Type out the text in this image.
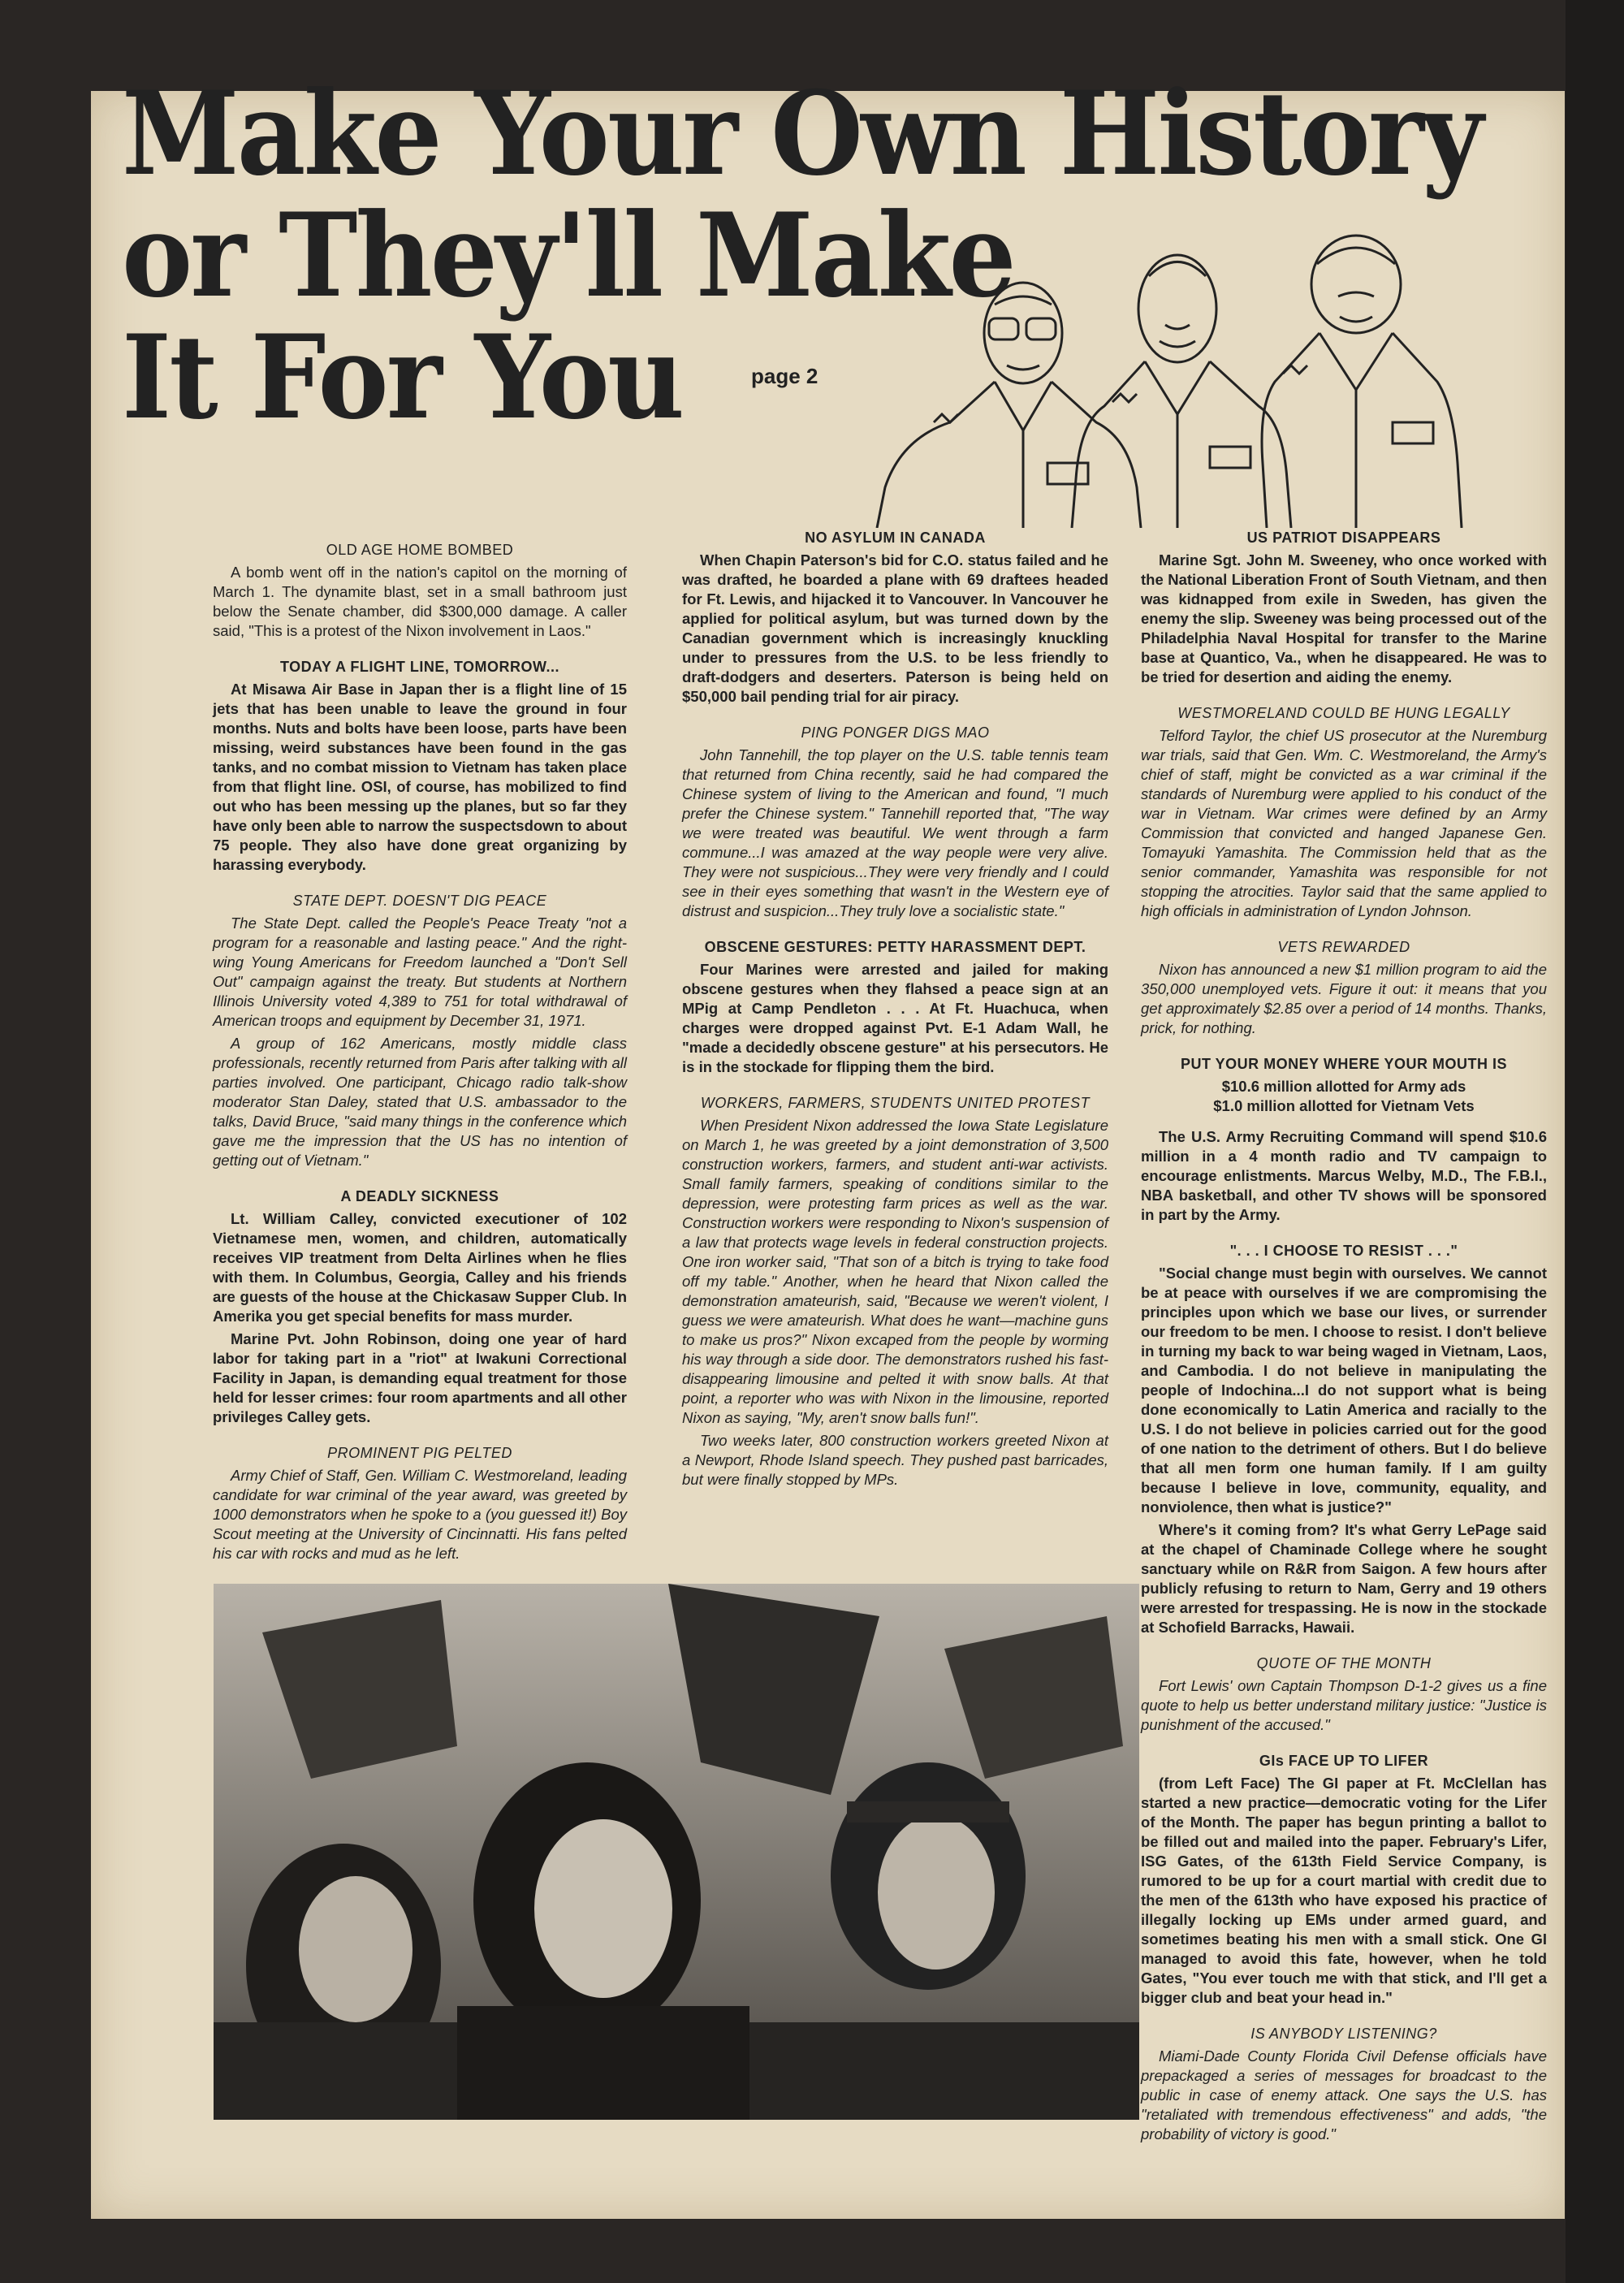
Make Your Own History
or They'll Make
It For You	page 2
OLD AGE HOME BOMBED

A bomb went off in the nation's capitol on the morning of March 1. The dynamite blast, set in a small bathroom just below the Senate chamber, did $300,000 damage. A caller said, "This is a protest of the Nixon involvement in Laos."

TODAY A FLIGHT LINE, TOMORROW...

At Misawa Air Base in Japan ther is a flight line of 15 jets that has been unable to leave the ground in four months. Nuts and bolts have been loose, parts have been missing, weird substances have been found in the gas tanks, and no combat mission to Vietnam has taken place from that flight line. OSI, of course, has mobilized to find out who has been messing up the planes, but so far they have only been able to narrow the suspectsdown to about 75 people. They also have done great organizing by harassing everybody.

STATE DEPT. DOESN'T DIG PEACE

The State Dept. called the People's Peace Treaty "not a program for a reasonable and lasting peace." And the right-wing Young Americans for Freedom launched a "Don't Sell Out" campaign against the treaty. But students at Northern Illinois University voted 4,389 to 751 for total withdrawal of American troops and equipment by December 31, 1971.

A group of 162 Americans, mostly middle class professionals, recently returned from Paris after talking with all parties involved. One participant, Chicago radio talk-show moderator Stan Daley, stated that U.S. ambassador to the talks, David Bruce, "said many things in the conference which gave me the impression that the US has no intention of getting out of Vietnam."

A DEADLY SICKNESS

Lt. William Calley, convicted executioner of 102 Vietnamese men, women, and children, automatically receives VIP treatment from Delta Airlines when he flies with them. In Columbus, Georgia, Calley and his friends are guests of the house at the Chickasaw Supper Club. In Amerika you get special benefits for mass murder.

Marine Pvt. John Robinson, doing one year of hard labor for taking part in a "riot" at Iwakuni Correctional Facility in Japan, is demanding equal treatment for those held for lesser crimes: four room apartments and all other privileges Calley gets.

PROMINENT PIG PELTED

Army Chief of Staff, Gen. William C. Westmoreland, leading candidate for war criminal of the year award, was greeted by 1000 demonstrators when he spoke to a (you guessed it!) Boy Scout meeting at the University of Cincinnatti. His fans pelted his car with rocks and mud as he left.

NO ASYLUM IN CANADA

When Chapin Paterson's bid for C.O. status failed and he was drafted, he boarded a plane with 69 draftees headed for Ft. Lewis, and hijacked it to Vancouver. In Vancouver he applied for political asylum, but was turned down by the Canadian government which is increasingly knuckling under to pressures from the U.S. to be less friendly to draft-dodgers and deserters. Paterson is being held on $50,000 bail pending trial for air piracy.

PING PONGER DIGS MAO

John Tannehill, the top player on the U.S. table tennis team that returned from China recently, said he had compared the Chinese system of living to the American and found, "I much prefer the Chinese system." Tannehill reported that, "The way we were treated was beautiful. We went through a farm commune...I was amazed at the way people were very alive. They were not suspicious...They were very friendly and I could see in their eyes something that wasn't in the Western eye of distrust and suspicion...They truly love a socialistic state."

OBSCENE GESTURES: PETTY HARASSMENT DEPT.

Four Marines were arrested and jailed for making obscene gestures when they flahsed a peace sign at an MPig at Camp Pendleton . . . At Ft. Huachuca, when charges were dropped against Pvt. E-1 Adam Wall, he "made a decidedly obscene gesture" at his persecutors. He is in the stockade for flipping them the bird.

WORKERS, FARMERS, STUDENTS UNITED PROTEST

When President Nixon addressed the Iowa State Legislature on March 1, he was greeted by a joint demonstration of 3,500 construction workers, farmers, and student anti-war activists. Small family farmers, speaking of conditions similar to the depression, were protesting farm prices as well as the war. Construction workers were responding to Nixon's suspension of a law that protects wage levels in federal construction projects. One iron worker said, "That son of a bitch is trying to take food off my table." Another, when he heard that Nixon called the demonstration amateurish, said, "Because we weren't violent, I guess we were amateurish. What does he want—machine guns to make us pros?" Nixon excaped from the people by worming his way through a side door. The demonstrators rushed his fast-disappearing limousine and pelted it with snow balls. At that point, a reporter who was with Nixon in the limousine, reported Nixon as saying, "My, aren't snow balls fun!".

Two weeks later, 800 construction workers greeted Nixon at a Newport, Rhode Island speech. They pushed past barricades, but were finally stopped by MPs.

US PATRIOT DISAPPEARS

Marine Sgt. John M. Sweeney, who once worked with the National Liberation Front of South Vietnam, and then was kidnapped from exile in Sweden, has given the enemy the slip. Sweeney was being processed out of the Philadelphia Naval Hospital for transfer to the Marine base at Quantico, Va., when he disappeared. He was to be tried for desertion and aiding the enemy.

WESTMORELAND COULD BE HUNG LEGALLY

Telford Taylor, the chief US prosecutor at the Nuremburg war trials, said that Gen. Wm. C. Westmoreland, the Army's chief of staff, might be convicted as a war criminal if the standards of Nuremburg were applied to his conduct of the war in Vietnam. War crimes were defined by an Army Commission that convicted and hanged Japanese Gen. Tomayuki Yamashita. The Commission held that as the senior commander, Yamashita was responsible for not stopping the atrocities. Taylor said that the same applied to high officials in administration of Lyndon Johnson.

VETS REWARDED

Nixon has announced a new $1 million program to aid the 350,000 unemployed vets. Figure it out: it means that you get approximately $2.85 over a period of 14 months. Thanks, prick, for nothing.

PUT YOUR MONEY WHERE YOUR MOUTH IS
$10.6 million allotted for Army ads
$1.0 million allotted for Vietnam Vets

The U.S. Army Recruiting Command will spend $10.6 million in a 4 month radio and TV campaign to encourage enlistments. Marcus Welby, M.D., The F.B.I., NBA basketball, and other TV shows will be sponsored in part by the Army.

". . . I CHOOSE TO RESIST . . ."

"Social change must begin with ourselves. We cannot be at peace with ourselves if we are compromising the principles upon which we base our lives, or surrender our freedom to be men. I choose to resist. I don't believe in turning my back to war being waged in Vietnam, Laos, and Cambodia. I do not believe in manipulating the people of Indochina...I do not support what is being done economically to Latin America and racially to the U.S. I do not believe in policies carried out for the good of one nation to the detriment of others. But I do believe that all men form one human family. If I am guilty because I believe in love, community, equality, and nonviolence, then what is justice?"

Where's it coming from? It's what Gerry LePage said at the chapel of Chaminade College where he sought sanctuary while on R&R from Saigon. A few hours after publicly refusing to return to Nam, Gerry and 19 others were arrested for trespassing. He is now in the stockade at Schofield Barracks, Hawaii.

QUOTE OF THE MONTH

Fort Lewis' own Captain Thompson D-1-2 gives us a fine quote to help us better understand military justice: "Justice is punishment of the accused."

GIs FACE UP TO LIFER

(from Left Face) The GI paper at Ft. McClellan has started a new practice—democratic voting for the Lifer of the Month. The paper has begun printing a ballot to be filled out and mailed into the paper. February's Lifer, ISG Gates, of the 613th Field Service Company, is rumored to be up for a court martial with credit due to the men of the 613th who have exposed his practice of illegally locking up EMs under armed guard, and sometimes beating his men with a small stick. One GI managed to avoid this fate, however, when he told Gates, "You ever touch me with that stick, and I'll get a bigger club and beat your head in."

IS ANYBODY LISTENING?

Miami-Dade County Florida Civil Defense officials have prepackaged a series of messages for broadcast to the public in case of enemy attack. One says the U.S. has "retaliated with tremendous effectiveness" and adds, "the probability of victory is good."
